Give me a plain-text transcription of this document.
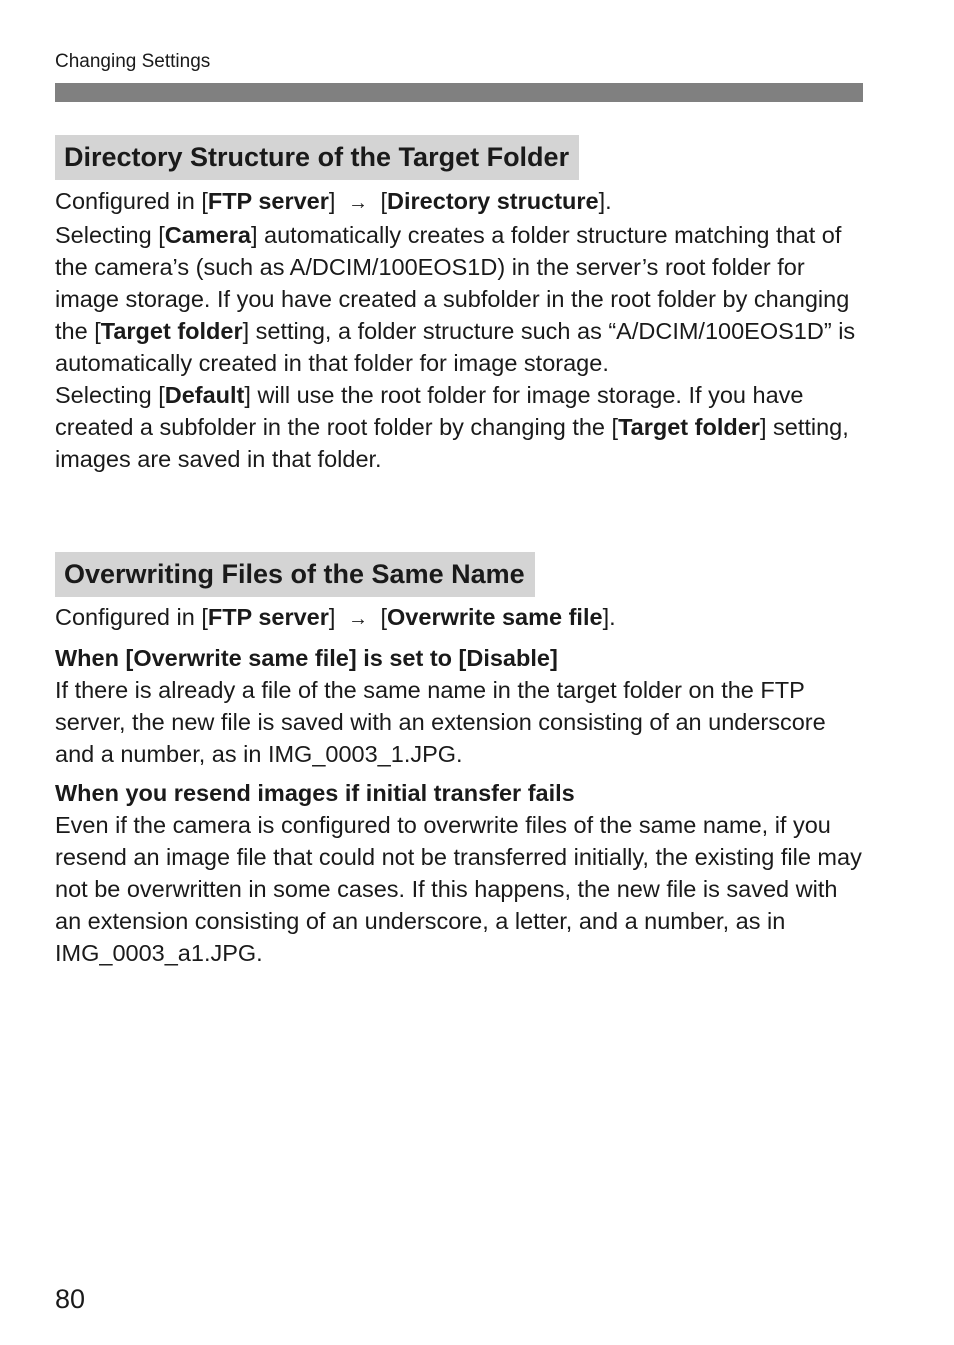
Changing Settings
Directory Structure of the Target Folder

Configured in [FTP server] → [Directory structure].

Selecting [Camera] automatically creates a folder structure matching that of the camera’s (such as A/DCIM/100EOS1D) in the server’s root folder for image storage. If you have created a subfolder in the root folder by changing the [Target folder] setting, a folder structure such as “A/DCIM/100EOS1D” is automatically created in that folder for image storage.

Selecting [Default] will use the root folder for image storage. If you have created a subfolder in the root folder by changing the [Target folder] setting, images are saved in that folder.

Overwriting Files of the Same Name

Configured in [FTP server] → [Overwrite same file].

When [Overwrite same file] is set to [Disable]

If there is already a file of the same name in the target folder on the FTP server, the new file is saved with an extension consisting of an underscore and a number, as in IMG_0003_1.JPG.

When you resend images if initial transfer fails

Even if the camera is configured to overwrite files of the same name, if you resend an image file that could not be transferred initially, the existing file may not be overwritten in some cases. If this happens, the new file is saved with an extension consisting of an underscore, a letter, and a number, as in IMG_0003_a1.JPG.

80
